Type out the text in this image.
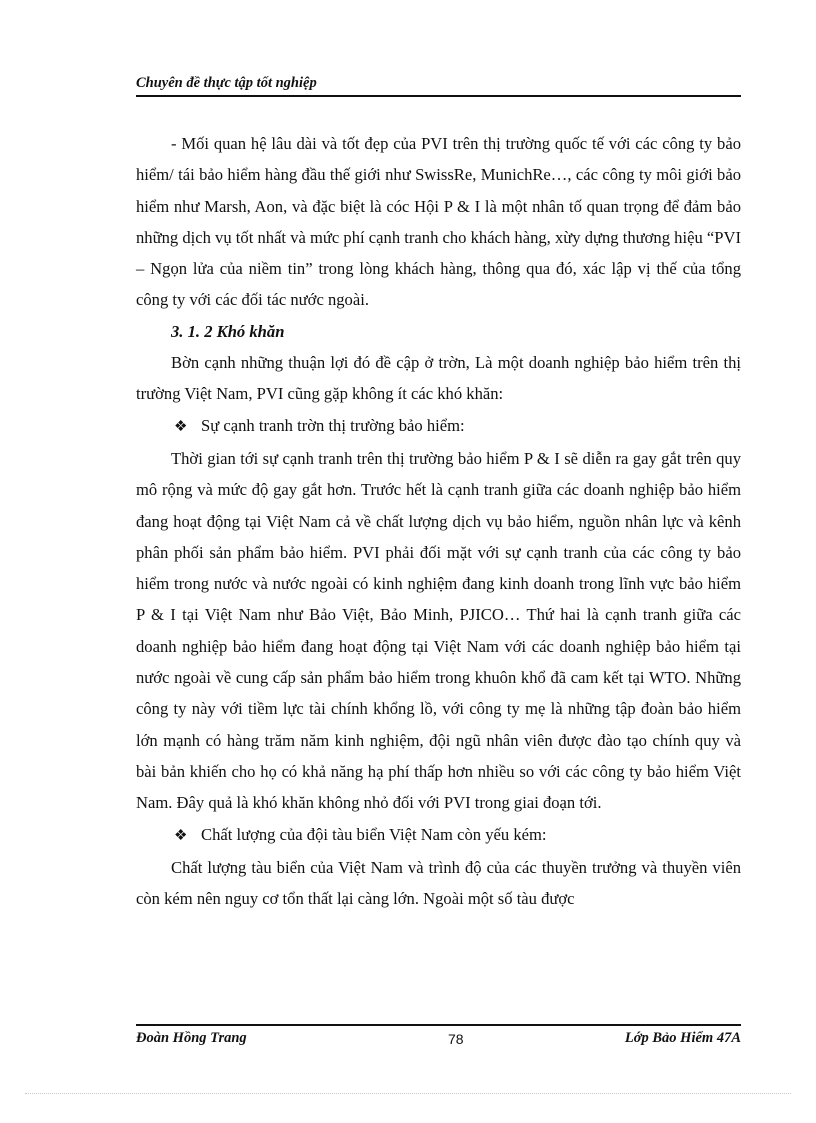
Chuyên đề thực tập tốt nghiệp

- Mối quan hệ lâu dài và tốt đẹp của PVI trên thị trường quốc tế với các công ty bảo hiểm/ tái bảo hiểm hàng đầu thế giới như SwissRe, MunichRe…, các công ty môi giới bảo hiểm như Marsh, Aon, và đặc biệt là cóc Hội P & I là một nhân tố quan trọng để đảm bảo những dịch vụ tốt nhất và mức phí cạnh tranh cho khách hàng, xừy dựng thương hiệu “PVI – Ngọn lửa của niềm tin” trong lòng khách hàng, thông qua đó, xác lập vị thế của tổng công ty với các đối tác nước ngoài.

3. 1. 2 Khó khăn

Bờn cạnh những thuận lợi đó đề cập ở trờn, Là một doanh nghiệp bảo hiểm trên thị trường Việt Nam, PVI cũng gặp không ít các khó khăn:

❖ Sự cạnh tranh trờn thị trường bảo hiểm:

Thời gian tới sự cạnh tranh trên thị trường bảo hiểm P & I sẽ diễn ra gay gắt trên quy mô rộng và mức độ gay gắt hơn. Trước hết là cạnh tranh giữa các doanh nghiệp bảo hiểm đang hoạt động tại Việt Nam cả về chất lượng dịch vụ bảo hiểm, nguồn nhân lực và kênh phân phối sản phẩm bảo hiểm. PVI phải đối mặt với sự cạnh tranh của các công ty bảo hiểm trong nước và nước ngoài có kinh nghiệm đang kinh doanh trong lĩnh vực bảo hiểm P & I tại Việt Nam như Bảo Việt, Bảo Minh, PJICO… Thứ hai là cạnh tranh giữa các doanh nghiệp bảo hiểm đang hoạt động tại Việt Nam với các doanh nghiệp bảo hiểm tại nước ngoài về cung cấp sản phẩm bảo hiểm trong khuôn khổ đã cam kết tại WTO. Những công ty này với tiềm lực tài chính khổng lồ, với công ty mẹ là những tập đoàn bảo hiểm lớn mạnh có hàng trăm năm kinh nghiệm, đội ngũ nhân viên được đào tạo chính quy và bài bản khiến cho họ có khả năng hạ phí thấp hơn nhiều so với các công ty bảo hiểm Việt Nam. Đây quả là khó khăn không nhỏ đối với PVI trong giai đoạn tới.

❖ Chất lượng của đội tàu biển Việt Nam còn yếu kém:

Chất lượng tàu biển của Việt Nam và trình độ của các thuyền trưởng và thuyền viên còn kém nên nguy cơ tổn thất lại càng lớn. Ngoài một số tàu được

Đoàn Hồng Trang	78	Lớp Bảo Hiểm 47A
